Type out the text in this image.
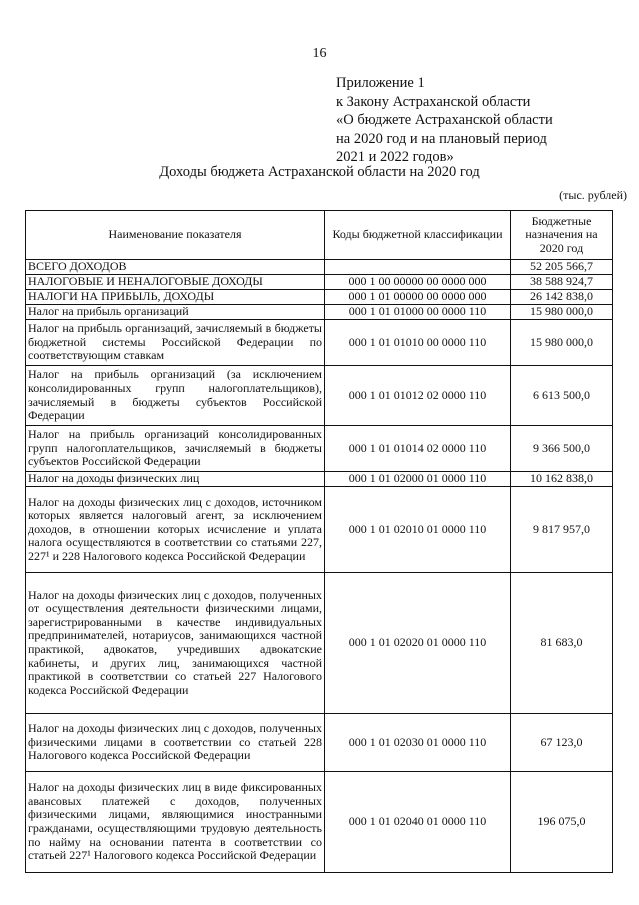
16
Приложение 1
к Закону Астраханской области
«О бюджете Астраханской области
на 2020 год и на плановый период
2021 и 2022 годов»
Доходы бюджета Астраханской области на 2020 год
(тыс. рублей)
Наименование показателя	Коды бюджетной классификации	Бюджетные назначения на 2020 год
ВСЕГО ДОХОДОВ		52 205 566,7
НАЛОГОВЫЕ И НЕНАЛОГОВЫЕ ДОХОДЫ	000 1 00 00000 00 0000 000	38 588 924,7
НАЛОГИ НА ПРИБЫЛЬ, ДОХОДЫ	000 1 01 00000 00 0000 000	26 142 838,0
Налог на прибыль организаций	000 1 01 01000 00 0000 110	15 980 000,0
Налог на прибыль организаций, зачисляемый в бюджеты бюджетной системы Российской Федерации по соответствующим ставкам	000 1 01 01010 00 0000 110	15 980 000,0
Налог на прибыль организаций (за исключением консолидированных групп налогоплательщиков), зачисляемый в бюджеты субъектов Российской Федерации	000 1 01 01012 02 0000 110	6 613 500,0
Налог на прибыль организаций консолидированных групп налогоплательщиков, зачисляемый в бюджеты субъектов Российской Федерации	000 1 01 01014 02 0000 110	9 366 500,0
Налог на доходы физических лиц	000 1 01 02000 01 0000 110	10 162 838,0
Налог на доходы физических лиц с доходов, источником которых является налоговый агент, за исключением доходов, в отношении которых исчисление и уплата налога осуществляются в соответствии со статьями 227, 227¹ и 228 Налогового кодекса Российской Федерации	000 1 01 02010 01 0000 110	9 817 957,0
Налог на доходы физических лиц с доходов, полученных от осуществления деятельности физическими лицами, зарегистрированными в качестве индивидуальных предпринимателей, нотариусов, занимающихся частной практикой, адвокатов, учредивших адвокатские кабинеты, и других лиц, занимающихся частной практикой в соответствии со статьей 227 Налогового кодекса Российской Федерации	000 1 01 02020 01 0000 110	81 683,0
Налог на доходы физических лиц с доходов, полученных физическими лицами в соответствии со статьей 228 Налогового кодекса Российской Федерации	000 1 01 02030 01 0000 110	67 123,0
Налог на доходы физических лиц в виде фиксированных авансовых платежей с доходов, полученных физическими лицами, являющимися иностранными гражданами, осуществляющими трудовую деятельность по найму на основании патента в соответствии со статьей 227¹ Налогового кодекса Российской Федерации	000 1 01 02040 01 0000 110	196 075,0
